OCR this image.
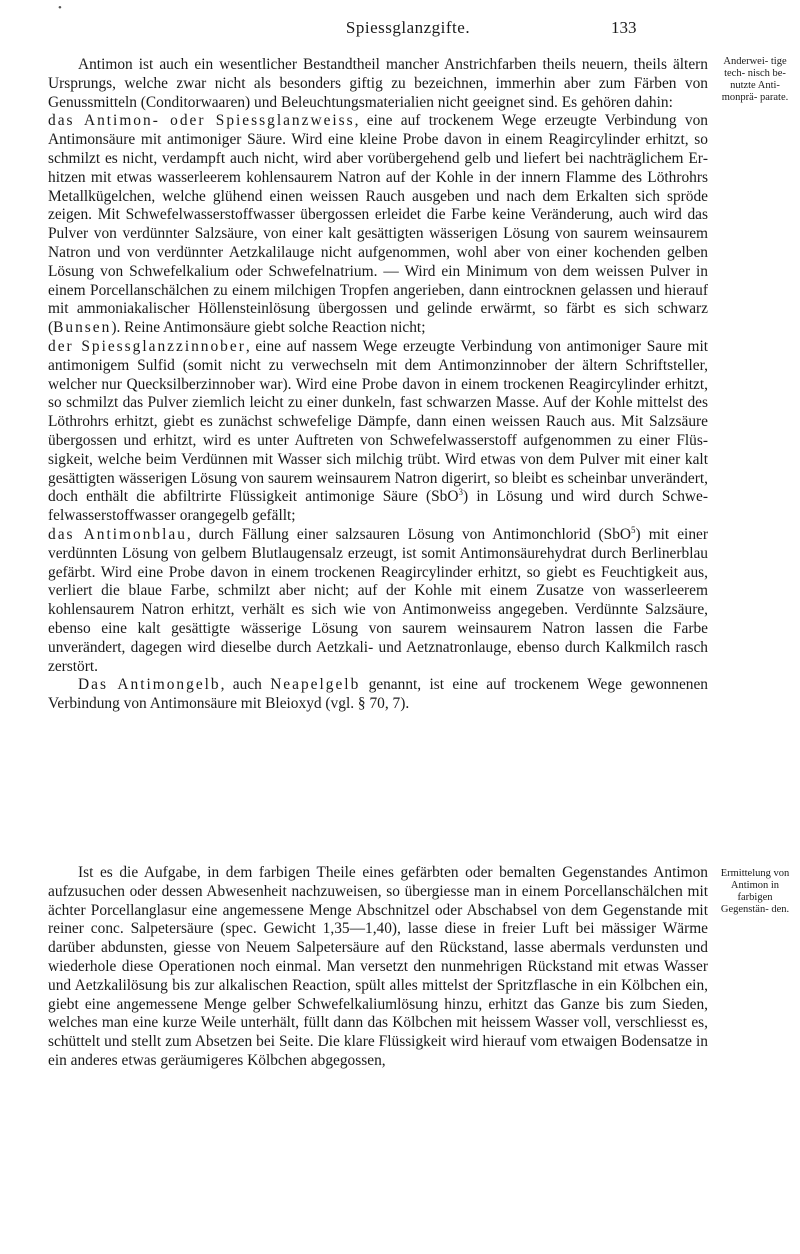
•
Spiessglanzgifte.	133
Anderwei- tige tech- nisch be- nutzte Anti- monprä- parate.

Antimon ist auch ein wesentlicher Bestandtheil mancher Anstrichfarben theils neuern, theils ältern Ursprungs, welche zwar nicht als besonders giftig zu bezeichnen, immerhin aber zum Färben von Genussmitteln (Conditorwaaren) und Beleuchtungsmaterialien nicht geeignet sind. Es gehören dahin:

das Antimon- oder Spiessglanzweiss, eine auf trockenem Wege erzeugte Verbindung von Antimonsäure mit antimoniger Säure. Wird eine kleine Probe davon in einem Reagircylinder erhitzt, so schmilzt es nicht, verdampft auch nicht, wird aber vorübergehend gelb und liefert bei nachträglichem Erhitzen mit etwas wasserleerem kohlensaurem Natron auf der Kohle in der innern Flamme des Löthrohrs Metallkügelchen, welche glühend einen weissen Rauch ausgeben und nach dem Erkalten sich spröde zeigen. Mit Schwefelwasserstoffwasser übergossen erleidet die Farbe keine Veränderung, auch wird das Pulver von verdünnter Salzsäure, von einer kalt gesättigten wässerigen Lösung von saurem weinsaurem Natron und von verdünnter Aetzkalilauge nicht aufgenommen, wohl aber von einer kochenden gelben Lösung von Schwefelkalium oder Schwefelnatrium. — Wird ein Minimum von dem weissen Pulver in einem Porcellanschälchen zu einem milchigen Tropfen angerieben, dann eintrocknen gelassen und hierauf mit ammoniakalischer Höllensteinlösung übergossen und gelinde erwärmt, so färbt es sich schwarz (Bunsen). Reine Antimonsäure giebt solche Reaction nicht;

der Spiessglanzzinnober, eine auf nassem Wege erzeugte Verbindung von antimoniger Saure mit antimonigem Sulfid (somit nicht zu verwechseln mit dem Antimonzinnober der ältern Schriftsteller, welcher nur Quecksilberzinnober war). Wird eine Probe davon in einem trockenen Reagircylinder erhitzt, so schmilzt das Pulver ziemlich leicht zu einer dunkeln, fast schwarzen Masse. Auf der Kohle mittelst des Löthrohrs erhitzt, giebt es zunächst schwefelige Dämpfe, dann einen weissen Rauch aus. Mit Salzsäure übergossen und erhitzt, wird es unter Auftreten von Schwefelwasserstoff aufgenommen zu einer Flüssigkeit, welche beim Verdünnen mit Wasser sich milchig trübt. Wird etwas von dem Pulver mit einer kalt gesättigten wässerigen Lösung von saurem weinsaurem Natron digerirt, so bleibt es scheinbar unverändert, doch enthält die abfiltrirte Flüssigkeit antimonige Säure (SbO$^3$) in Lösung und wird durch Schwefelwasserstoffwasser orangegelb gefällt;

das Antimonblau, durch Fällung einer salzsauren Lösung von Antimonchlorid (SbO$^5$) mit einer verdünnten Lösung von gelbem Blutlaugensalz erzeugt, ist somit Antimonsäurehydrat durch Berlinerblau gefärbt. Wird eine Probe davon in einem trockenen Reagircylinder erhitzt, so giebt es Feuchtigkeit aus, verliert die blaue Farbe, schmilzt aber nicht; auf der Kohle mit einem Zusatze von wasserleerem kohlensaurem Natron erhitzt, verhält es sich wie von Antimonweiss angegeben. Verdünnte Salzsäure, ebenso eine kalt gesättigte wässerige Lösung von saurem weinsaurem Natron lassen die Farbe unverändert, dagegen wird dieselbe durch Aetzkali- und Aetznatronlauge, ebenso durch Kalkmilch rasch zerstört.

Das Antimongelb, auch Neapelgelb genannt, ist eine auf trockenem Wege gewonnenen Verbindung von Antimonsäure mit Bleioxyd (vgl. § 70, 7).

Ermittelung von Antimon in farbigen Gegenstän- den.

Ist es die Aufgabe, in dem farbigen Theile eines gefärbten oder bemalten Gegenstandes Antimon aufzusuchen oder dessen Abwesenheit nachzuweisen, so übergiesse man in einem Porcellanschälchen mit ächter Porcellanglasur eine angemessene Menge Abschnitzel oder Abschabsel von dem Gegenstande mit reiner conc. Salpetersäure (spec. Gewicht 1,35—1,40), lasse diese in freier Luft bei mässiger Wärme darüber abdunsten, giesse von Neuem Salpetersäure auf den Rückstand, lasse abermals verdunsten und wiederhole diese Operationen noch einmal. Man versetzt den nunmehrigen Rückstand mit etwas Wasser und Aetzkalilösung bis zur alkalischen Reaction, spült alles mittelst der Spritzflasche in ein Kölbchen ein, giebt eine angemessene Menge gelber Schwefelkaliumlösung hinzu, erhitzt das Ganze bis zum Sieden, welches man eine kurze Weile unterhält, füllt dann das Kölbchen mit heissem Wasser voll, verschliesst es, schüttelt und stellt zum Absetzen bei Seite. Die klare Flüssigkeit wird hierauf vom etwaigen Bodensatze in ein anderes etwas geräumigeres Kölbchen abgegossen,
